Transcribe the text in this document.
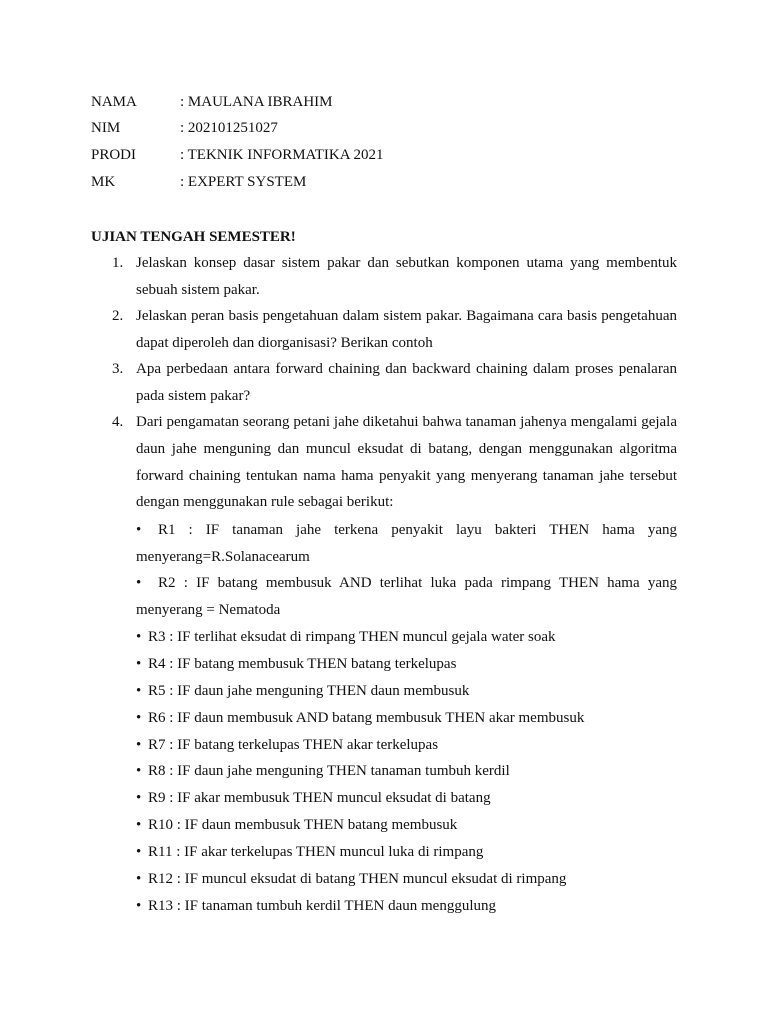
NAMA	: MAULANA IBRAHIM
NIM	: 202101251027
PRODI	: TEKNIK INFORMATIKA 2021
MK	: EXPERT SYSTEM
UJIAN TENGAH SEMESTER!
1. Jelaskan konsep dasar sistem pakar dan sebutkan komponen utama yang membentuk sebuah sistem pakar.
2. Jelaskan peran basis pengetahuan dalam sistem pakar. Bagaimana cara basis pengetahuan dapat diperoleh dan diorganisasi? Berikan contoh
3. Apa perbedaan antara forward chaining dan backward chaining dalam proses penalaran pada sistem pakar?
4. Dari pengamatan seorang petani jahe diketahui bahwa tanaman jahenya mengalami gejala daun jahe menguning dan muncul eksudat di batang, dengan menggunakan algoritma forward chaining tentukan nama hama penyakit yang menyerang tanaman jahe tersebut dengan menggunakan rule sebagai berikut:
• R1 : IF tanaman jahe terkena penyakit layu bakteri THEN hama yang menyerang=R.Solanacearum
• R2 : IF batang membusuk AND terlihat luka pada rimpang THEN hama yang menyerang = Nematoda
• R3 : IF terlihat eksudat di rimpang THEN muncul gejala water soak
• R4 : IF batang membusuk THEN batang terkelupas
• R5 : IF daun jahe menguning THEN daun membusuk
• R6 : IF daun membusuk AND batang membusuk THEN akar membusuk
• R7 : IF batang terkelupas THEN akar terkelupas
• R8 : IF daun jahe menguning THEN tanaman tumbuh kerdil
• R9 : IF akar membusuk THEN muncul eksudat di batang
• R10 : IF daun membusuk THEN batang membusuk
• R11 : IF akar terkelupas THEN muncul luka di rimpang
• R12 : IF muncul eksudat di batang THEN muncul eksudat di rimpang
• R13 : IF tanaman tumbuh kerdil THEN daun menggulung
